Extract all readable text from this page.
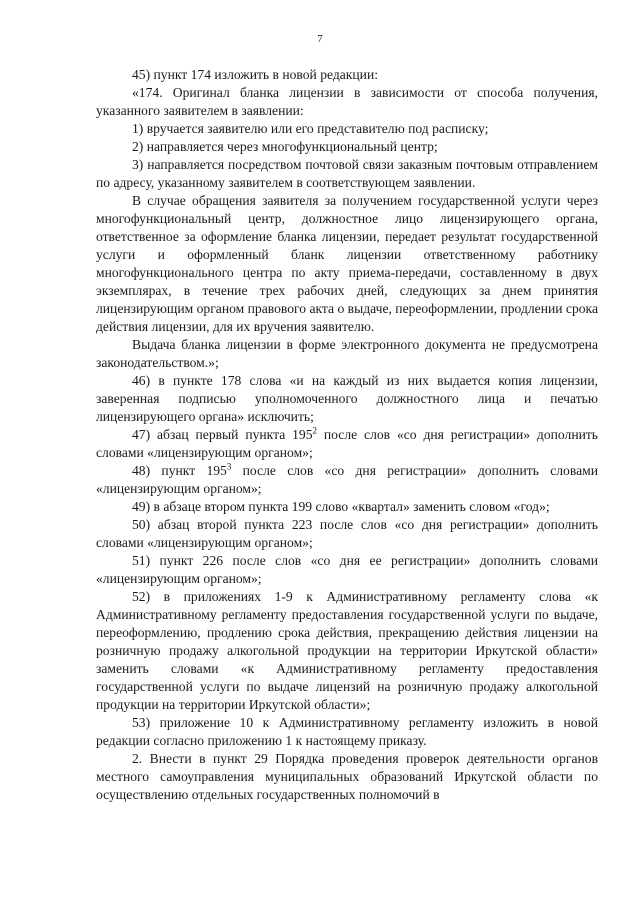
7

45) пункт 174 изложить в новой редакции:

«174. Оригинал бланка лицензии в зависимости от способа получения, указанного заявителем в заявлении:

1) вручается заявителю или его представителю под расписку;

2) направляется через многофункциональный центр;

3) направляется посредством почтовой связи заказным почтовым отправлением по адресу, указанному заявителем в соответствующем заявлении.

В случае обращения заявителя за получением государственной услуги через многофункциональный центр, должностное лицо лицензирующего органа, ответственное за оформление бланка лицензии, передает результат государственной услуги и оформленный бланк лицензии ответственному работнику многофункционального центра по акту приема-передачи, составленному в двух экземплярах, в течение трех рабочих дней, следующих за днем принятия лицензирующим органом правового акта о выдаче, переоформлении, продлении срока действия лицензии, для их вручения заявителю.

Выдача бланка лицензии в форме электронного документа не предусмотрена законодательством.»;

46) в пункте 178 слова «и на каждый из них выдается копия лицензии, заверенная подписью уполномоченного должностного лица и печатью лицензирующего органа» исключить;

47) абзац первый пункта $195^2$ после слов «со дня регистрации» дополнить словами «лицензирующим органом»;

48) пункт $195^3$ после слов «со дня регистрации» дополнить словами «лицензирующим органом»;

49) в абзаце втором пункта 199 слово «квартал» заменить словом «год»;

50) абзац второй пункта 223 после слов «со дня регистрации» дополнить словами «лицензирующим органом»;

51) пункт 226 после слов «со дня ее регистрации» дополнить словами «лицензирующим органом»;

52) в приложениях 1-9 к Административному регламенту слова «к Административному регламенту предоставления государственной услуги по выдаче, переоформлению, продлению срока действия, прекращению действия лицензии на розничную продажу алкогольной продукции на территории Иркутской области» заменить словами «к Административному регламенту предоставления государственной услуги по выдаче лицензий на розничную продажу алкогольной продукции на территории Иркутской области»;

53) приложение 10 к Административному регламенту изложить в новой редакции согласно приложению 1 к настоящему приказу.

2. Внести в пункт 29 Порядка проведения проверок деятельности органов местного самоуправления муниципальных образований Иркутской области по осуществлению отдельных государственных полномочий в
